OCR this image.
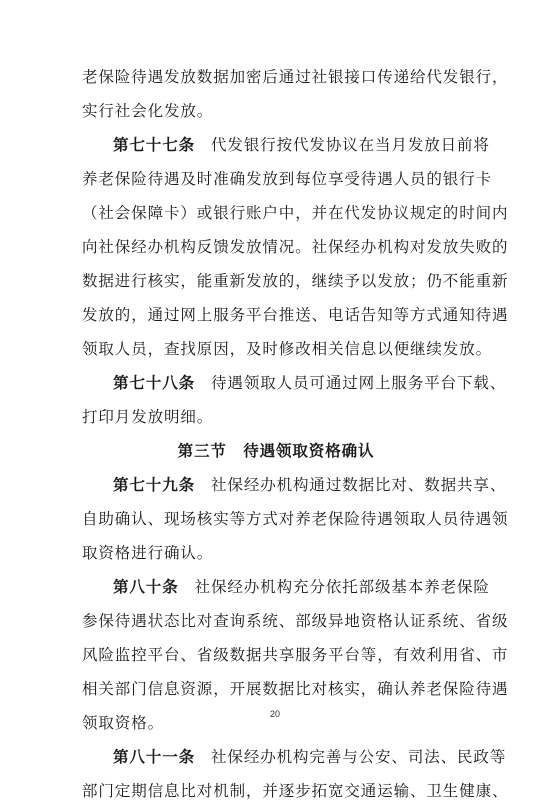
老保险待遇发放数据加密后通过社银接口传递给代发银行，
实行社会化发放。
第七十七条 代发银行按代发协议在当月发放日前将
养老保险待遇及时准确发放到每位享受待遇人员的银行卡
（社会保障卡）或银行账户中，并在代发协议规定的时间内
向社保经办机构反馈发放情况。社保经办机构对发放失败的
数据进行核实，能重新发放的，继续予以发放；仍不能重新
发放的，通过网上服务平台推送、电话告知等方式通知待遇
领取人员，查找原因，及时修改相关信息以便继续发放。
第七十八条 待遇领取人员可通过网上服务平台下载、
打印月发放明细。
第三节　待遇领取资格确认
第七十九条 社保经办机构通过数据比对、数据共享、
自助确认、现场核实等方式对养老保险待遇领取人员待遇领
取资格进行确认。
第八十条 社保经办机构充分依托部级基本养老保险
参保待遇状态比对查询系统、部级异地资格认证系统、省级
风险监控平台、省级数据共享服务平台等，有效利用省、市
相关部门信息资源，开展数据比对核实，确认养老保险待遇
领取资格。
第八十一条 社保经办机构完善与公安、司法、民政等
部门定期信息比对机制，并逐步拓宽交通运输、卫生健康、
20
